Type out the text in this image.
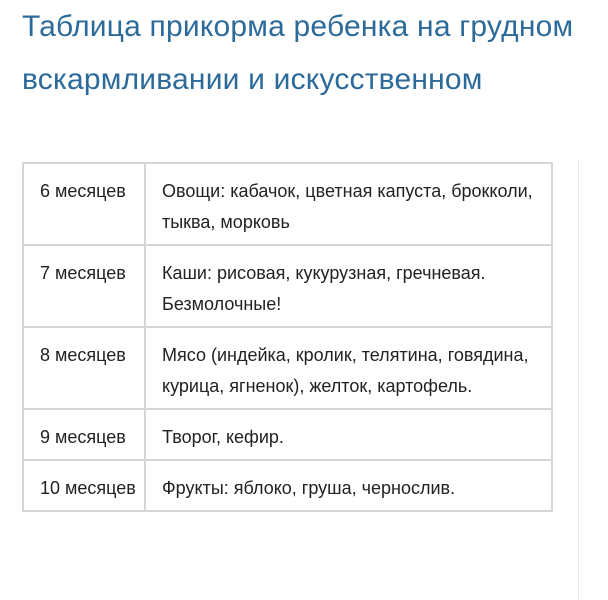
Таблица прикорма ребенка на грудном вскармливании и искусственном
6 месяцев	Овощи: кабачок, цветная капуста, брокколи, тыква, морковь
7 месяцев	Каши: рисовая, кукурузная, гречневая. Безмолочные!
8 месяцев	Мясо (индейка, кролик, телятина, говядина, курица, ягненок), желток, картофель.
9 месяцев	Творог, кефир.
10 месяцев	Фрукты: яблоко, груша, чернослив.
